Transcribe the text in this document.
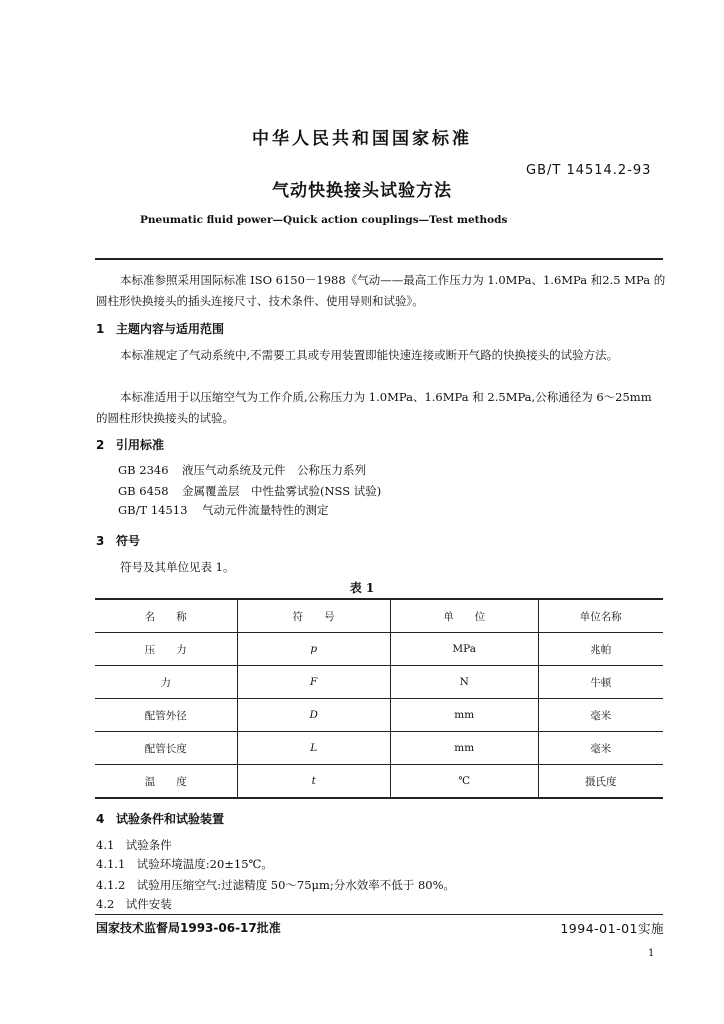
中华人民共和国国家标准
GB/T 14514.2-93
气动快换接头试验方法
Pneumatic fluid power—Quick action couplings—Test methods
本标准参照采用国际标准 ISO 6150－1988《气动——最高工作压力为 1.0MPa、1.6MPa 和2.5 MPa 的圆柱形快换接头的插头连接尺寸、技术条件、使用导则和试验》。
1 主题内容与适用范围
本标准规定了气动系统中,不需要工具或专用装置即能快速连接或断开气路的快换接头的试验方法。
本标准适用于以压缩空气为工作介质,公称压力为 1.0MPa、1.6MPa 和 2.5MPa,公称通径为 6～25mm 的圆柱形快换接头的试验。
2 引用标准
GB 2346 液压气动系统及元件　公称压力系列
GB 6458 金属覆盖层　中性盐雾试验(NSS 试验)
GB/T 14513 气动元件流量特性的测定
3 符号
符号及其单位见表 1。
表 1
名　　称	符　　号	单　　位	单位名称
压　　力	p	MPa	兆帕
力	F	N	牛顿
配管外径	D	mm	毫米
配管长度	L	mm	毫米
温　　度	t	℃	摄氏度
4 试验条件和试验装置
4.1　试验条件
4.1.1　试验环境温度:20±15℃。
4.1.2　试验用压缩空气:过滤精度 50～75μm;分水效率不低于 80%。
4.2　试件安装
国家技术监督局1993-06-17批准	1994-01-01实施
1
